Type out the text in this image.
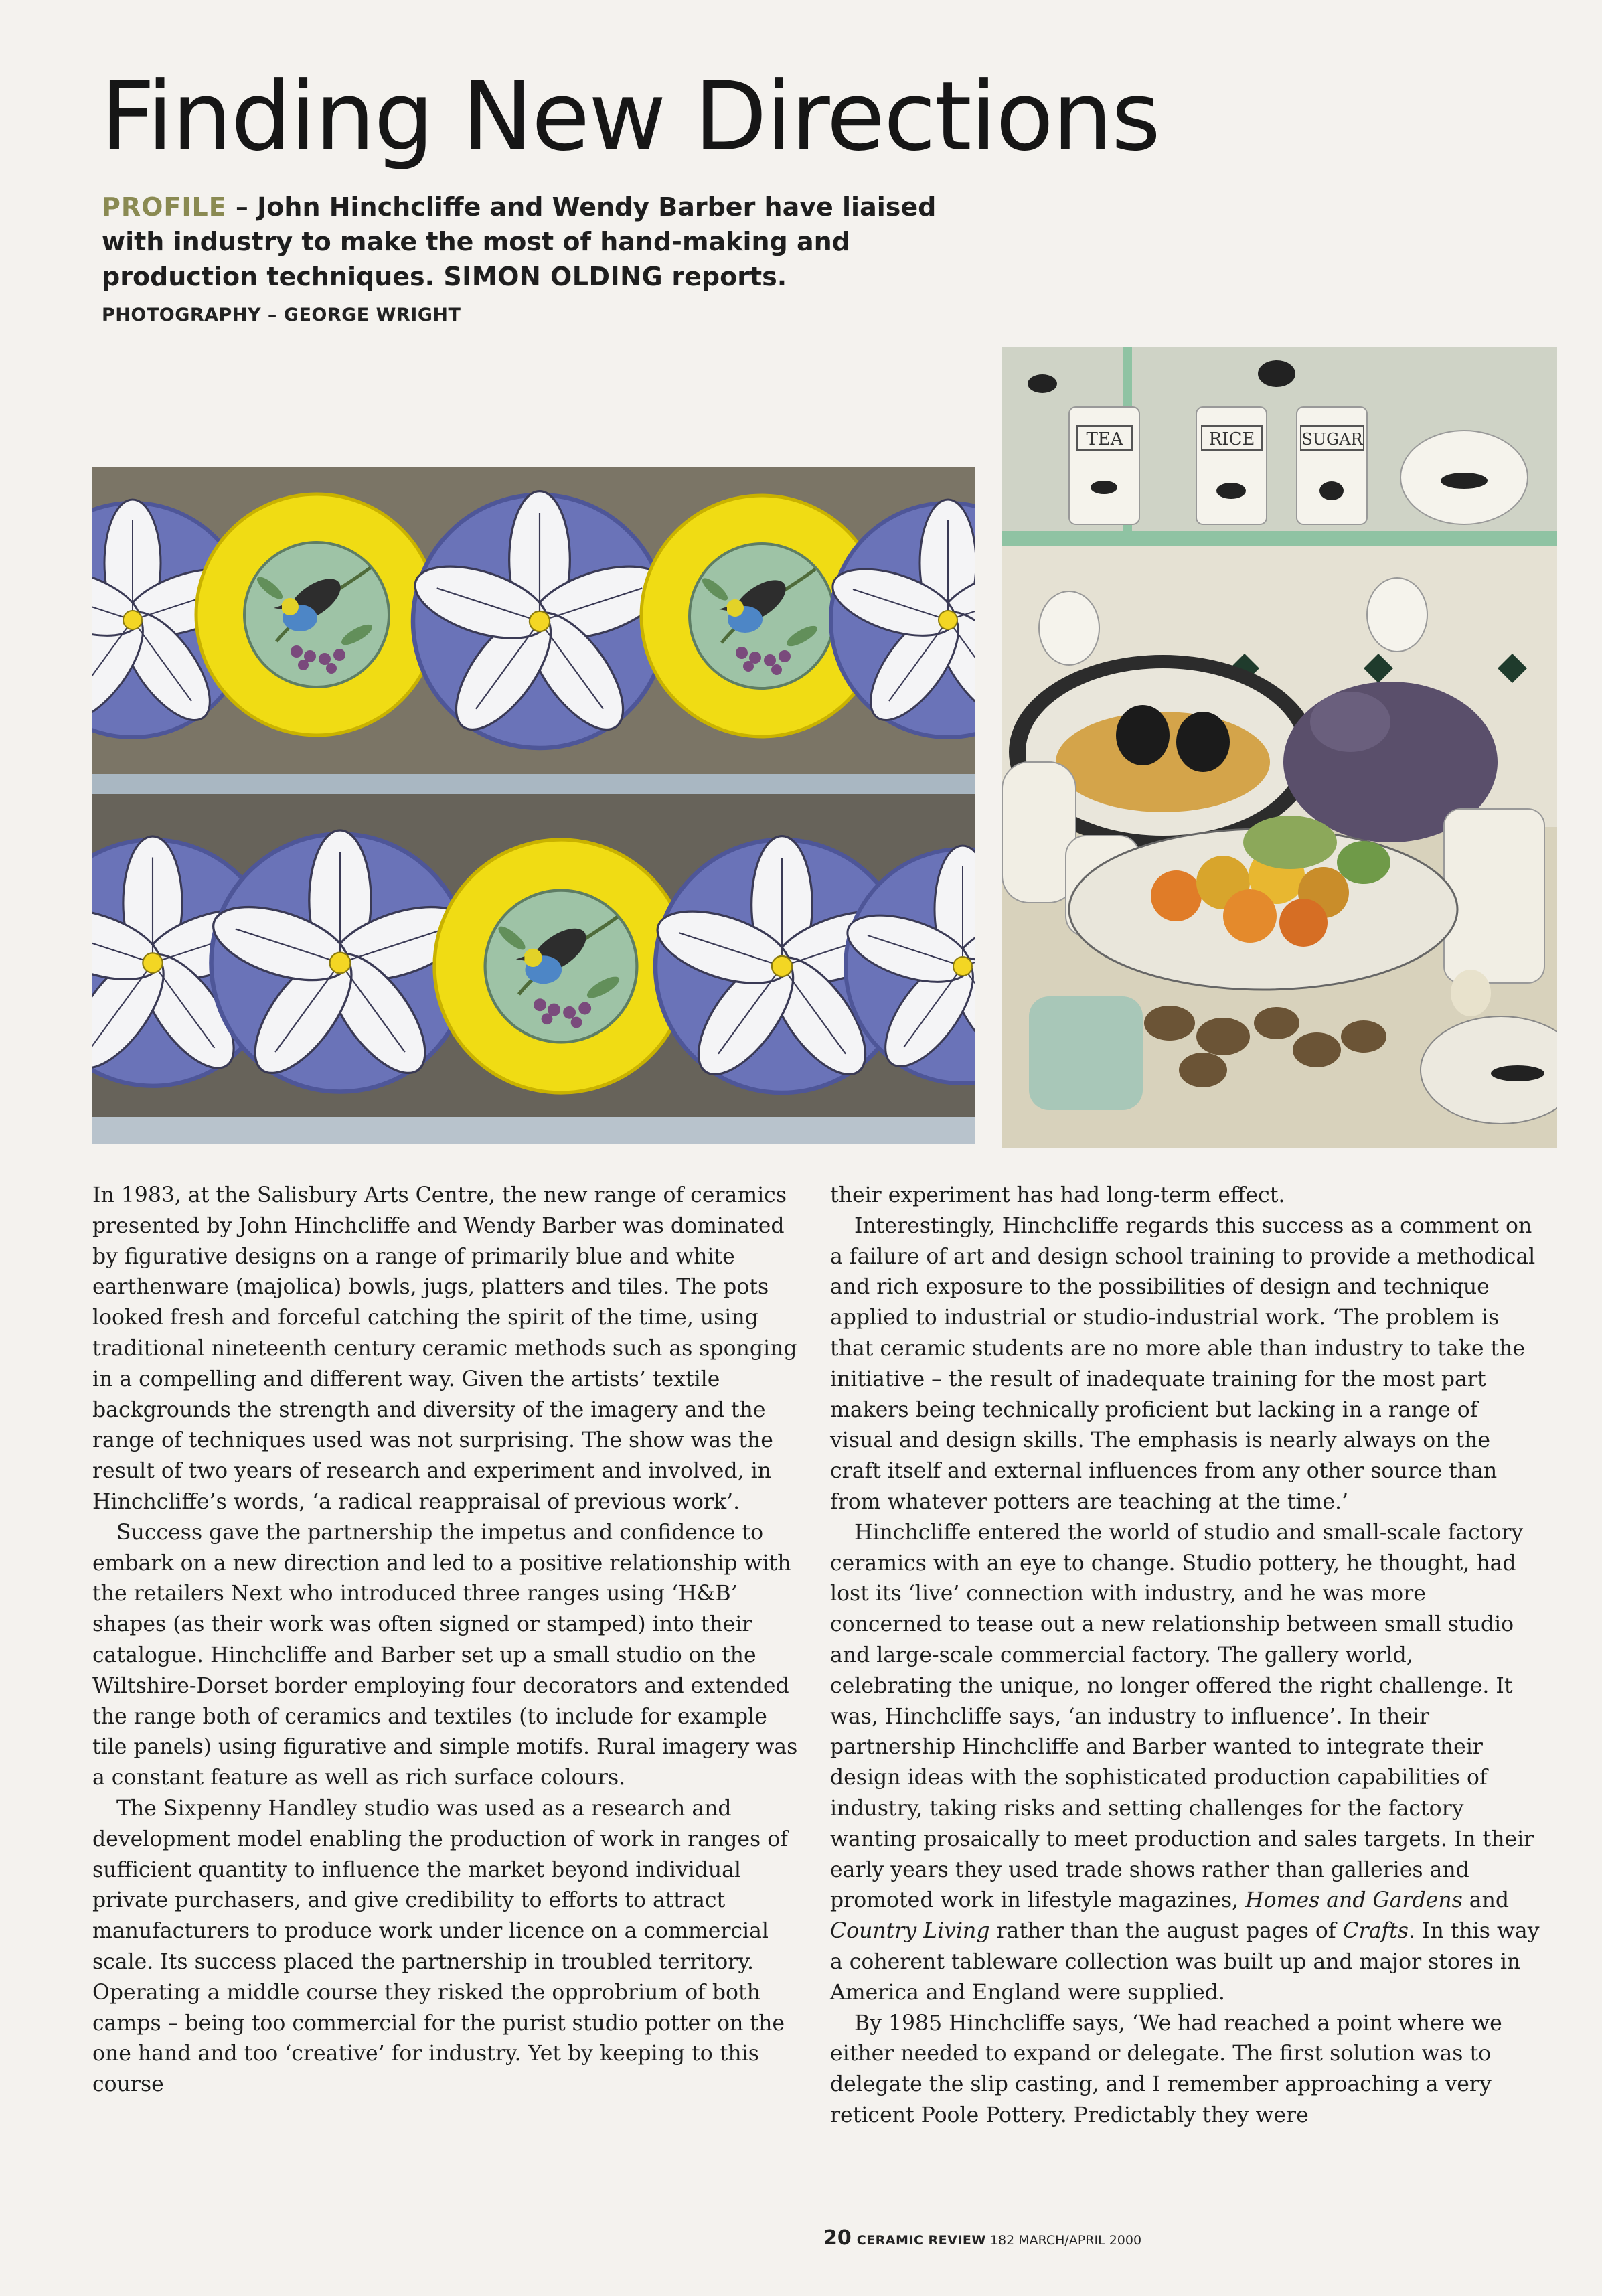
Finding New Directions

PROFILE – John Hinchcliffe and Wendy Barber have liaised with industry to make the most of hand-making and production techniques. SIMON OLDING reports.

PHOTOGRAPHY – GEORGE WRIGHT
TEA	RICE	SUGAR

In 1983, at the Salisbury Arts Centre, the new range of ceramics presented by John Hinchcliffe and Wendy Barber was dominated by figurative designs on a range of primarily blue and white earthenware (majolica) bowls, jugs, platters and tiles. The pots looked fresh and forceful catching the spirit of the time, using traditional nineteenth century ceramic methods such as sponging in a compelling and different way. Given the artists’ textile backgrounds the strength and diversity of the imagery and the range of techniques used was not surprising. The show was the result of two years of research and experiment and involved, in Hinchcliffe’s words, ‘a radical reappraisal of previous work’.

Success gave the partnership the impetus and confidence to embark on a new direction and led to a positive relationship with the retailers Next who introduced three ranges using ‘H&B’ shapes (as their work was often signed or stamped) into their catalogue. Hinchcliffe and Barber set up a small studio on the Wiltshire-Dorset border employing four decorators and extended the range both of ceramics and textiles (to include for example tile panels) using figurative and simple motifs. Rural imagery was a constant feature as well as rich surface colours.

The Sixpenny Handley studio was used as a research and development model enabling the production of work in ranges of sufficient quantity to influence the market beyond individual private purchasers, and give credibility to efforts to attract manufacturers to produce work under licence on a commercial scale. Its success placed the partnership in troubled territory. Operating a middle course they risked the opprobrium of both camps – being too commercial for the purist studio potter on the one hand and too ‘creative’ for industry. Yet by keeping to this course

their experiment has had long-term effect.

Interestingly, Hinchcliffe regards this success as a comment on a failure of art and design school training to provide a methodical and rich exposure to the possibilities of design and technique applied to industrial or studio-industrial work. ‘The problem is that ceramic students are no more able than industry to take the initiative – the result of inadequate training for the most part makers being technically proficient but lacking in a range of visual and design skills. The emphasis is nearly always on the craft itself and external influences from any other source than from whatever potters are teaching at the time.’

Hinchcliffe entered the world of studio and small-scale factory ceramics with an eye to change. Studio pottery, he thought, had lost its ‘live’ connection with industry, and he was more concerned to tease out a new relationship between small studio and large-scale commercial factory. The gallery world, celebrating the unique, no longer offered the right challenge. It was, Hinchcliffe says, ‘an industry to influence’. In their partnership Hinchcliffe and Barber wanted to integrate their design ideas with the sophisticated production capabilities of industry, taking risks and setting challenges for the factory wanting prosaically to meet production and sales targets. In their early years they used trade shows rather than galleries and promoted work in lifestyle magazines, Homes and Gardens and Country Living rather than the august pages of Crafts. In this way a coherent tableware collection was built up and major stores in America and England were supplied.

By 1985 Hinchcliffe says, ‘We had reached a point where we either needed to expand or delegate. The first solution was to delegate the slip casting, and I remember approaching a very reticent Poole Pottery. Predictably they were

20 CERAMIC REVIEW 182 MARCH/APRIL 2000
